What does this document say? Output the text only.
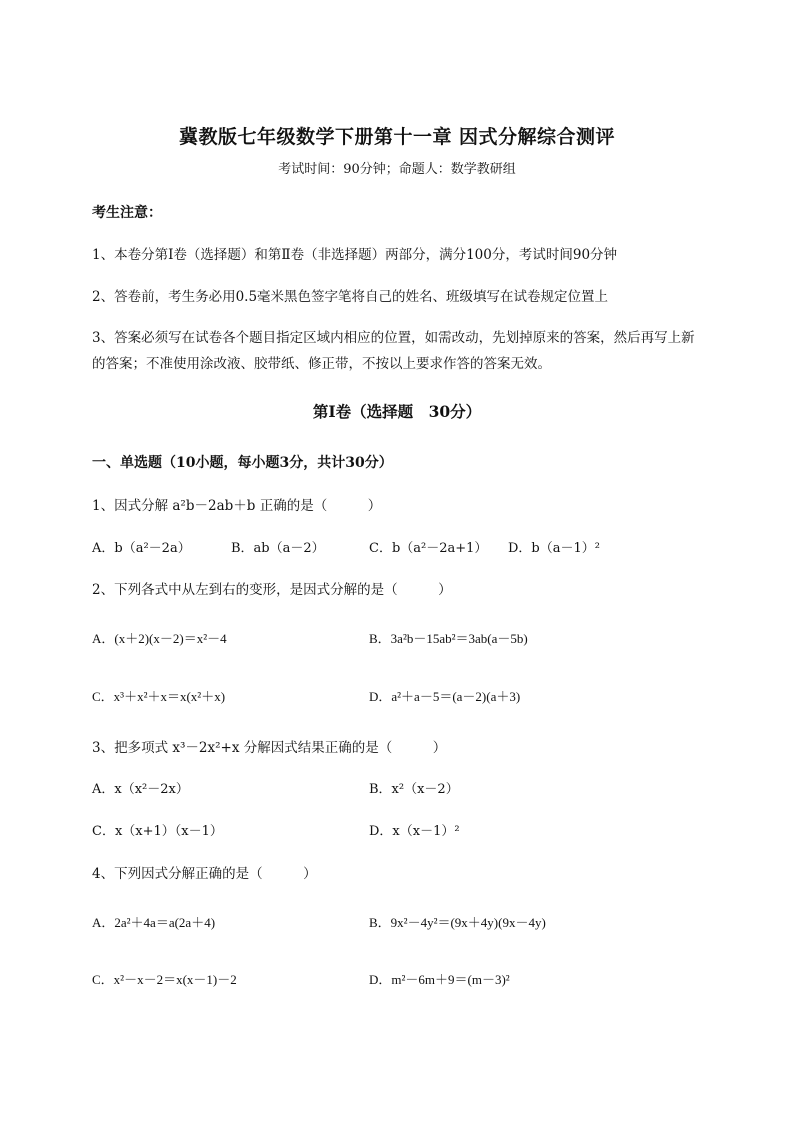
冀教版七年级数学下册第十一章 因式分解综合测评
考试时间：90分钟；命题人：数学教研组
考生注意：
1、本卷分第I卷（选择题）和第Ⅱ卷（非选择题）两部分，满分100分，考试时间90分钟
2、答卷前，考生务必用0.5毫米黑色签字笔将自己的姓名、班级填写在试卷规定位置上
3、答案必须写在试卷各个题目指定区域内相应的位置，如需改动，先划掉原来的答案，然后再写上新
的答案；不准使用涂改液、胶带纸、修正带，不按以上要求作答的答案无效。
第I卷（选择题　30分）
一、单选题（10小题，每小题3分，共计30分）
1、因式分解 a²b－2ab＋b 正确的是（　　　）
A．b（a²－2a）	B．ab（a－2）	C．b（a²－2a+1） D．b（a－1）²
2、下列各式中从左到右的变形，是因式分解的是（　　　）
A．(x＋2)(x－2)＝x²－4	B．3a²b－15ab²＝3ab(a－5b)
C．x³＋x²＋x＝x(x²＋x)	D．a²＋a－5＝(a－2)(a＋3)
3、把多项式 x³－2x²+x 分解因式结果正确的是（　　　）
A．x（x²－2x）	B．x²（x－2）
C．x（x+1）（x－1）	D．x（x－1）²
4、下列因式分解正确的是（　　　）
A．2a²＋4a＝a(2a＋4)	B．9x²－4y²＝(9x＋4y)(9x－4y)
C．x²－x－2＝x(x－1)－2	D．m²－6m＋9＝(m－3)²
